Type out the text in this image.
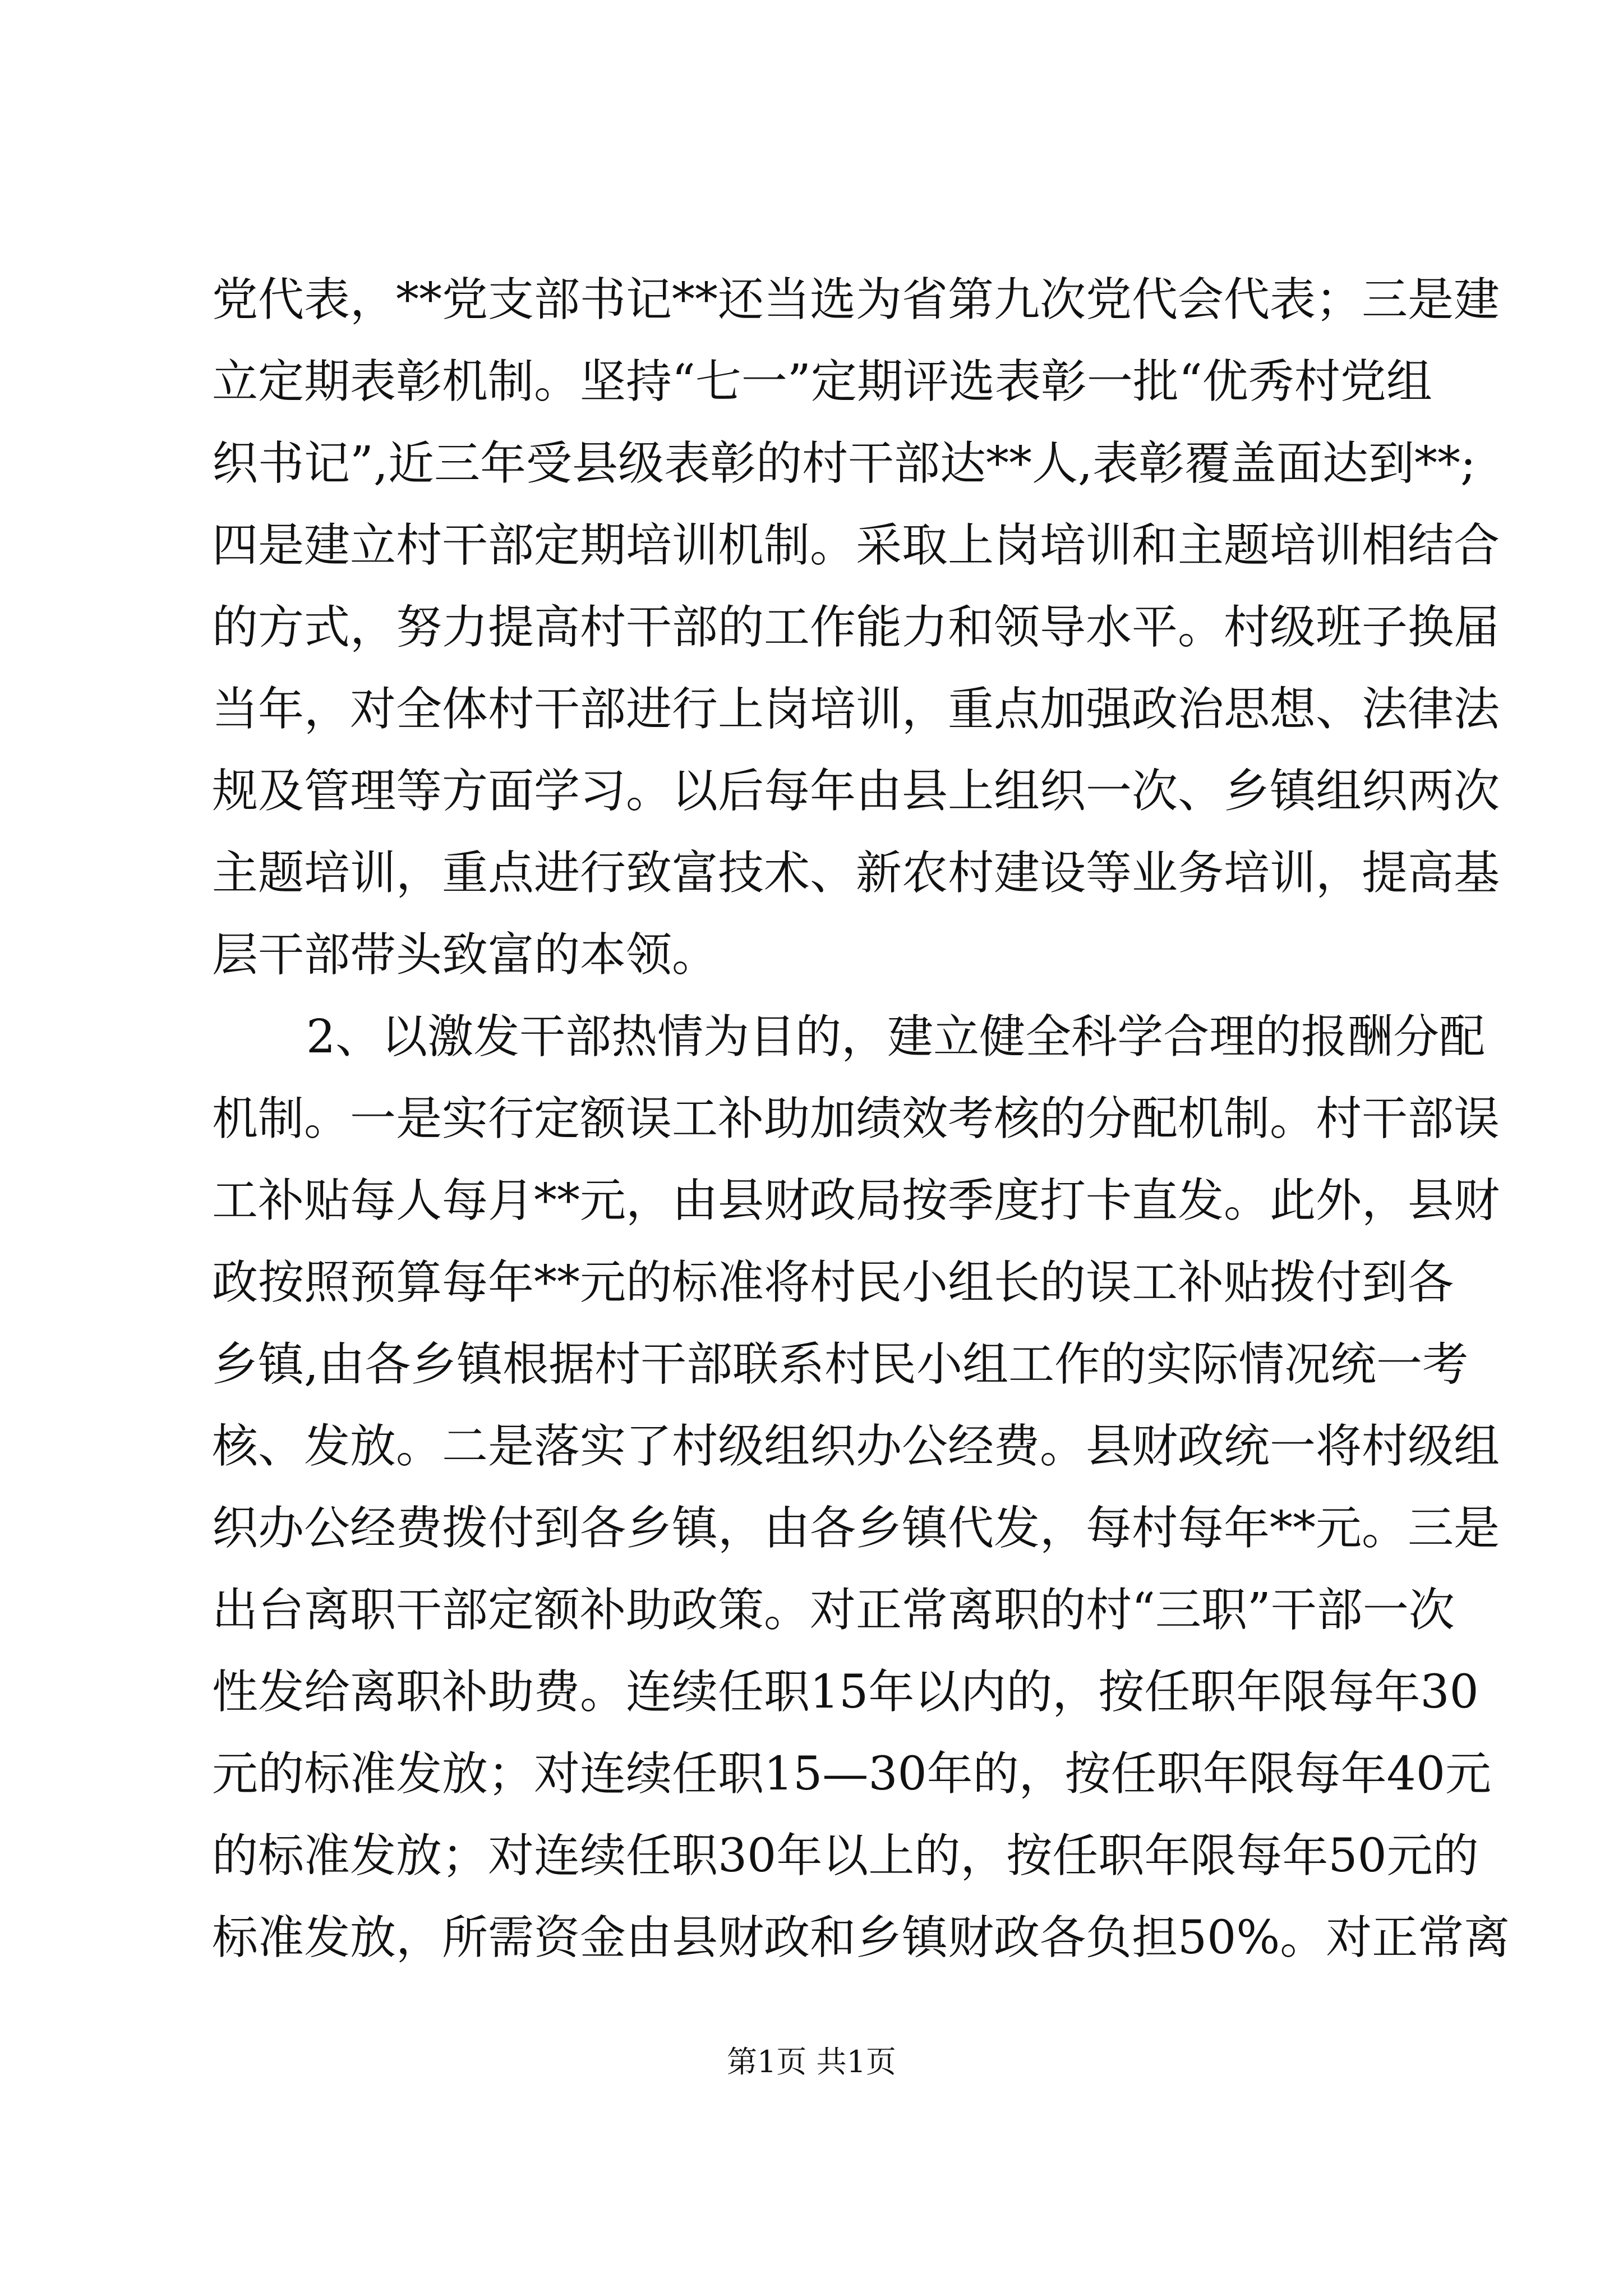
党代表，**党支部书记**还当选为省第九次党代会代表；三是建
立定期表彰机制。坚持“七一”定期评选表彰一批“优秀村党组
织书记”,近三年受县级表彰的村干部达**人,表彰覆盖面达到**;
四是建立村干部定期培训机制。采取上岗培训和主题培训相结合
的方式，努力提高村干部的工作能力和领导水平。村级班子换届
当年，对全体村干部进行上岗培训，重点加强政治思想、法律法
规及管理等方面学习。以后每年由县上组织一次、乡镇组织两次
主题培训，重点进行致富技术、新农村建设等业务培训，提高基
层干部带头致富的本领。
2、以激发干部热情为目的，建立健全科学合理的报酬分配
机制。一是实行定额误工补助加绩效考核的分配机制。村干部误
工补贴每人每月**元，由县财政局按季度打卡直发。此外，县财
政按照预算每年**元的标准将村民小组长的误工补贴拨付到各
乡镇,由各乡镇根据村干部联系村民小组工作的实际情况统一考
核、发放。二是落实了村级组织办公经费。县财政统一将村级组
织办公经费拨付到各乡镇，由各乡镇代发，每村每年**元。三是
出台离职干部定额补助政策。对正常离职的村“三职”干部一次
性发给离职补助费。连续任职15年以内的，按任职年限每年30
元的标准发放；对连续任职15—30年的，按任职年限每年40元
的标准发放；对连续任职30年以上的，按任职年限每年50元的
标准发放，所需资金由县财政和乡镇财政各负担50%。对正常离
第1页 共1页
